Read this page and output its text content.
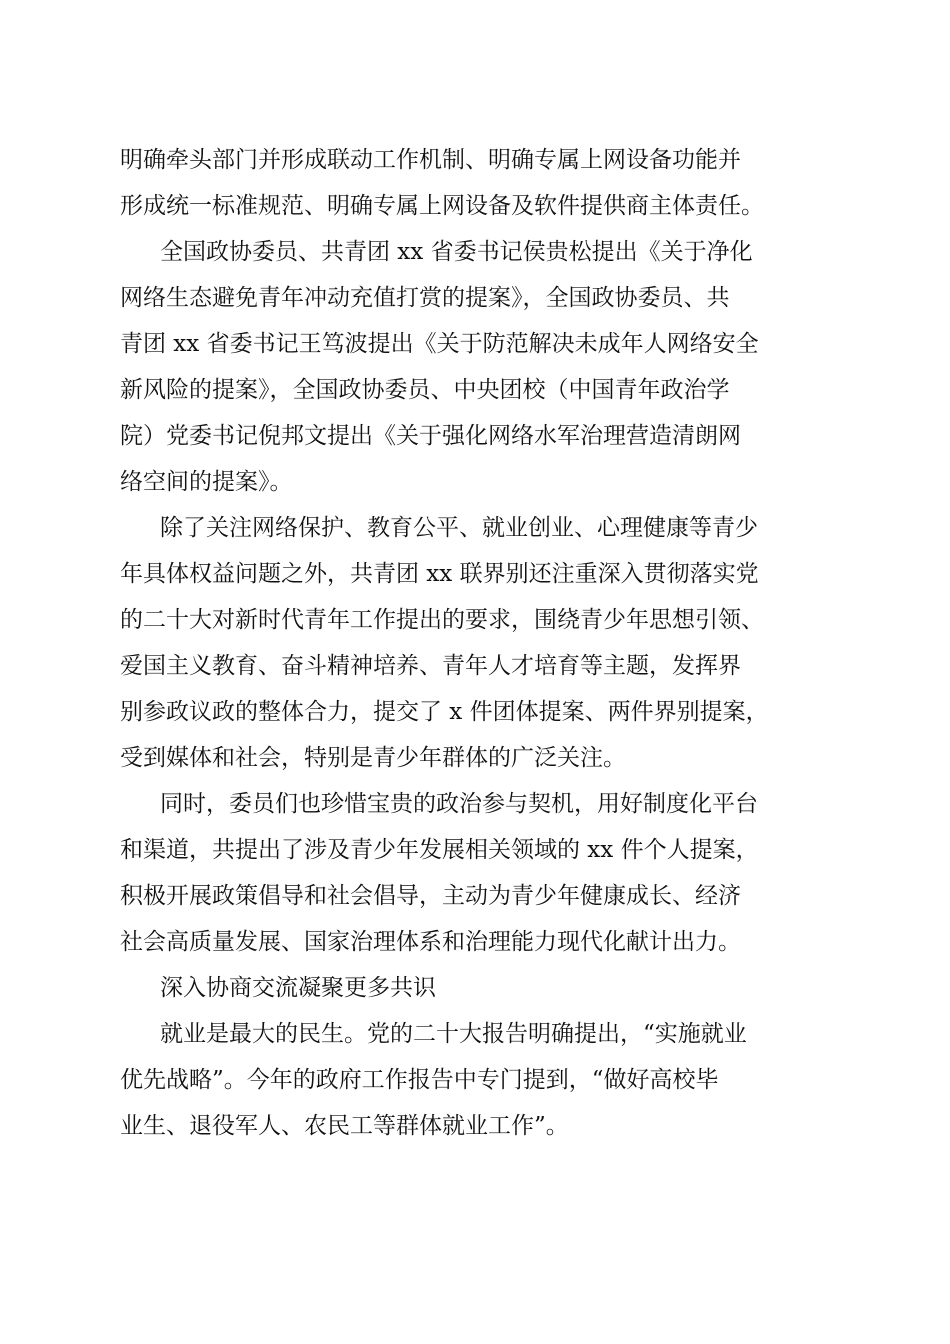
明确牵头部门并形成联动工作机制、明确专属上网设备功能并
形成统一标准规范、明确专属上网设备及软件提供商主体责任。

全国政协委员、共青团 xx 省委书记侯贵松提出《关于净化
网络生态避免青年冲动充值打赏的提案》，全国政协委员、共
青团 xx 省委书记王笃波提出《关于防范解决未成年人网络安全
新风险的提案》，全国政协委员、中央团校（中国青年政治学
院）党委书记倪邦文提出《关于强化网络水军治理营造清朗网
络空间的提案》。

除了关注网络保护、教育公平、就业创业、心理健康等青少
年具体权益问题之外，共青团 xx 联界别还注重深入贯彻落实党
的二十大对新时代青年工作提出的要求，围绕青少年思想引领、
爱国主义教育、奋斗精神培养、青年人才培育等主题，发挥界
别参政议政的整体合力，提交了 x 件团体提案、两件界别提案，
受到媒体和社会，特别是青少年群体的广泛关注。

同时，委员们也珍惜宝贵的政治参与契机，用好制度化平台
和渠道，共提出了涉及青少年发展相关领域的 xx 件个人提案，
积极开展政策倡导和社会倡导，主动为青少年健康成长、经济
社会高质量发展、国家治理体系和治理能力现代化献计出力。

深入协商交流凝聚更多共识

就业是最大的民生。党的二十大报告明确提出，“实施就业
优先战略”。今年的政府工作报告中专门提到，“做好高校毕
业生、退役军人、农民工等群体就业工作”。
